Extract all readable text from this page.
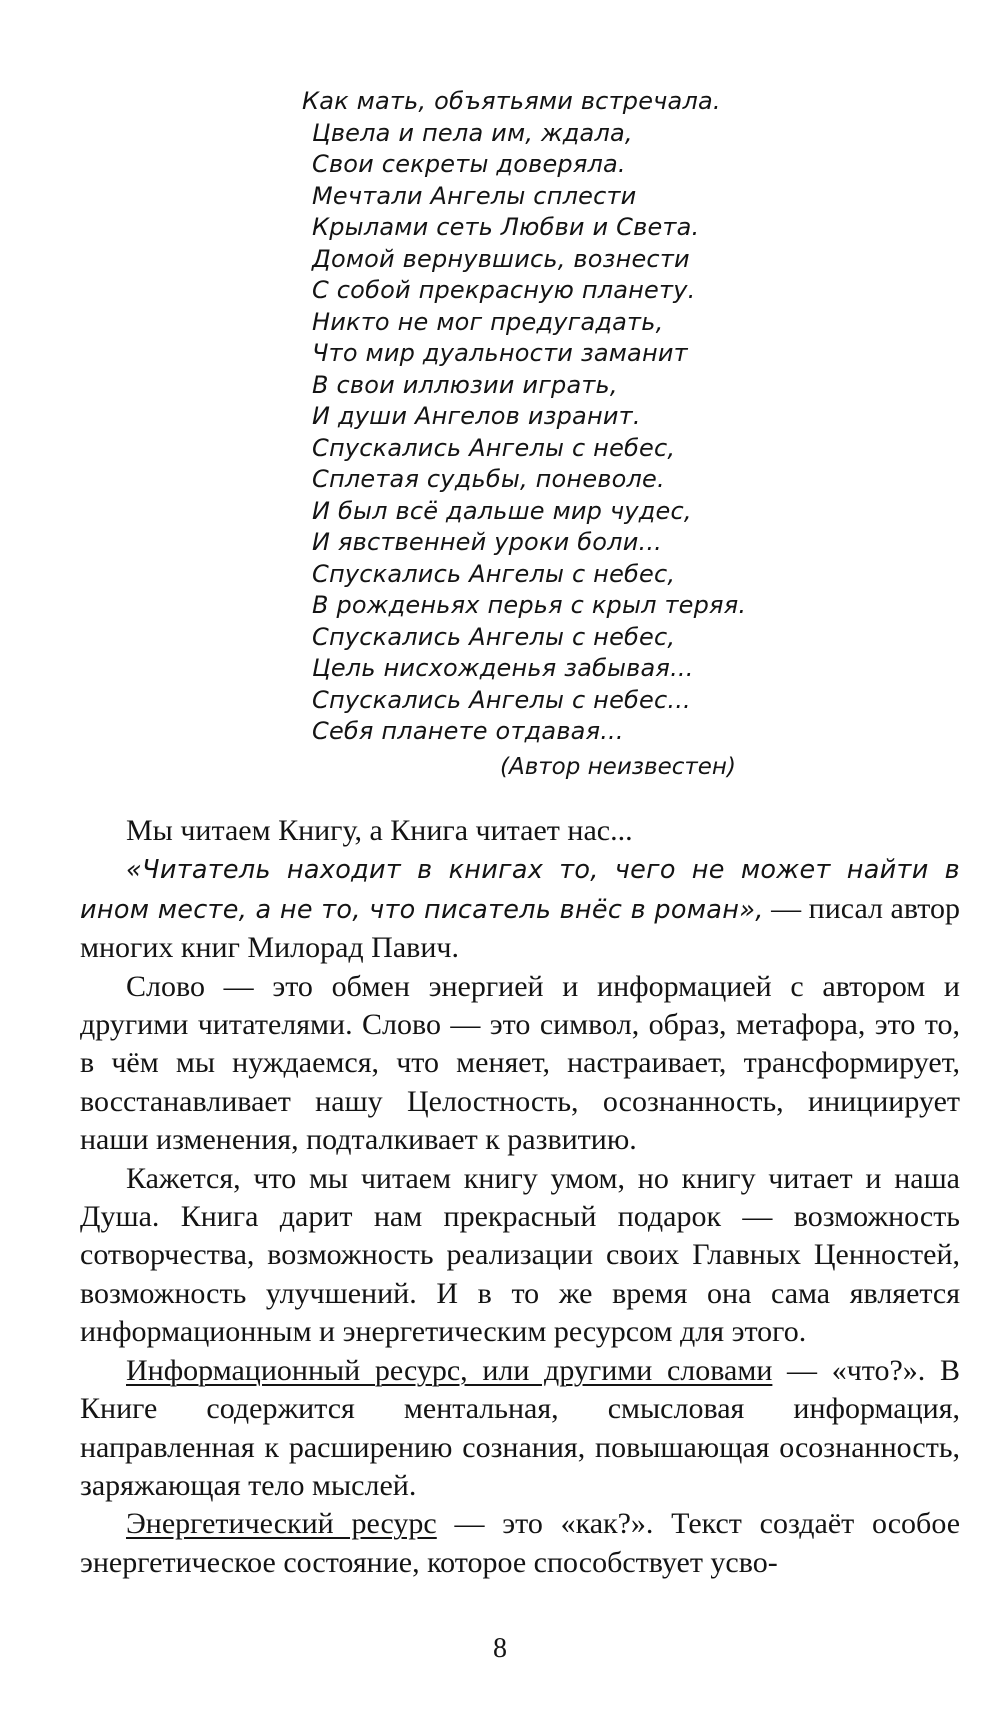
Как мать, объятьями встречала.
Цвела и пела им, ждала,
Свои секреты доверяла.
Мечтали Ангелы сплести
Крылами сеть Любви и Света.
Домой вернувшись, вознести
С собой прекрасную планету.
Никто не мог предугадать,
Что мир дуальности заманит
В свои иллюзии играть,
И души Ангелов изранит.
Спускались Ангелы с небес,
Сплетая судьбы, поневоле.
И был всё дальше мир чудес,
И явственней уроки боли...
Спускались Ангелы с небес,
В рожденьях перья с крыл теряя.
Спускались Ангелы с небес,
Цель нисхожденья забывая...
Спускались Ангелы с небес...
Себя планете отдавая...
(Автор неизвестен)

Мы читаем Книгу, а Книга читает нас...

«Читатель находит в книгах то, чего не может найти в ином месте, а не то, что писатель внёс в роман», — писал автор многих книг Милорад Павич.

Слово — это обмен энергией и информацией с автором и другими читателями. Слово — это символ, образ, метафора, это то, в чём мы нуждаемся, что меняет, настраивает, трансформирует, восстанавливает нашу Целостность, осознанность, инициирует наши изменения, подталкивает к развитию.

Кажется, что мы читаем книгу умом, но книгу читает и наша Душа. Книга дарит нам прекрасный подарок — возможность сотворчества, возможность реализации своих Главных Ценностей, возможность улучшений. И в то же время она сама является информационным и энергетическим ресурсом для этого.

Информационный ресурс, или другими словами — «что?». В Книге содержится ментальная, смысловая информация, направленная к расширению сознания, повышающая осознанность, заряжающая тело мыслей.

Энергетический ресурс — это «как?». Текст создаёт особое энергетическое состояние, которое способствует усво-

8
